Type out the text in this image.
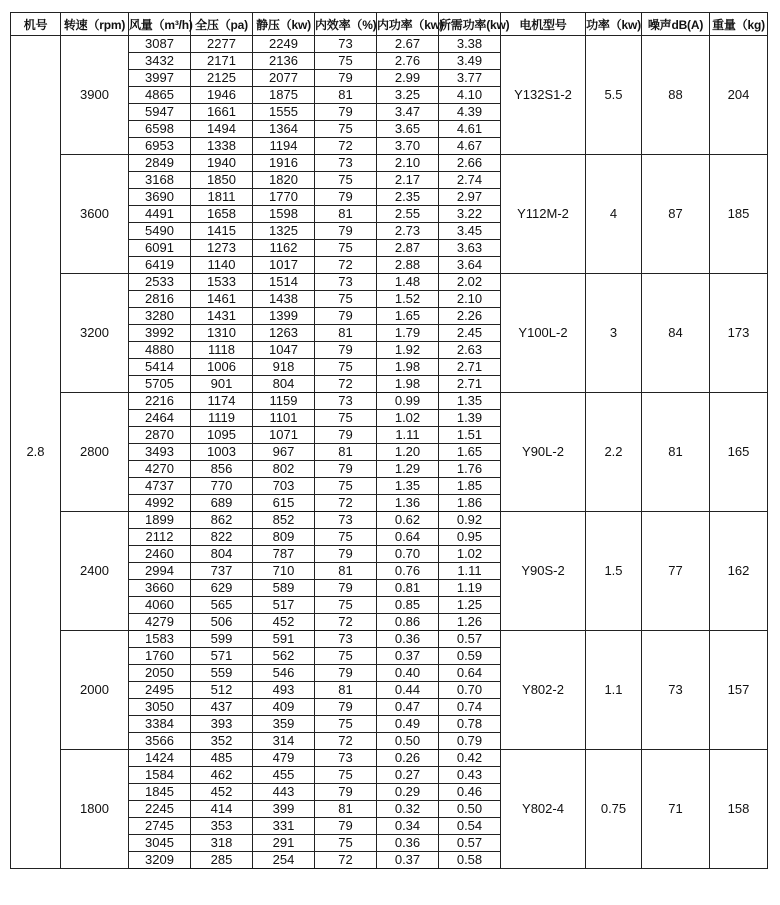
机号	转速（rpm)	风量（m³/h)	全压（pa)	静压（kw)	内效率（%)	内功率（kw)	所需功率(kw)	电机型号	功率（kw)	噪声dB(A)	重量（kg)
2.8	3900	3087	2277	2249	73	2.67	3.38	Y132S1-2	5.5	88	204
		3432	2171	2136	75	2.76	3.49				
		3997	2125	2077	79	2.99	3.77				
		4865	1946	1875	81	3.25	4.10				
		5947	1661	1555	79	3.47	4.39				
		6598	1494	1364	75	3.65	4.61				
		6953	1338	1194	72	3.70	4.67				
	3600	2849	1940	1916	73	2.10	2.66	Y112M-2	4	87	185
		3168	1850	1820	75	2.17	2.74				
		3690	1811	1770	79	2.35	2.97				
		4491	1658	1598	81	2.55	3.22				
		5490	1415	1325	79	2.73	3.45				
		6091	1273	1162	75	2.87	3.63				
		6419	1140	1017	72	2.88	3.64				
	3200	2533	1533	1514	73	1.48	2.02	Y100L-2	3	84	173
		2816	1461	1438	75	1.52	2.10				
		3280	1431	1399	79	1.65	2.26				
		3992	1310	1263	81	1.79	2.45				
		4880	1118	1047	79	1.92	2.63				
		5414	1006	918	75	1.98	2.71				
		5705	901	804	72	1.98	2.71				
	2800	2216	1174	1159	73	0.99	1.35	Y90L-2	2.2	81	165
		2464	1119	1101	75	1.02	1.39				
		2870	1095	1071	79	1.11	1.51				
		3493	1003	967	81	1.20	1.65				
		4270	856	802	79	1.29	1.76				
		4737	770	703	75	1.35	1.85				
		4992	689	615	72	1.36	1.86				
	2400	1899	862	852	73	0.62	0.92	Y90S-2	1.5	77	162
		2112	822	809	75	0.64	0.95				
		2460	804	787	79	0.70	1.02				
		2994	737	710	81	0.76	1.11				
		3660	629	589	79	0.81	1.19				
		4060	565	517	75	0.85	1.25				
		4279	506	452	72	0.86	1.26				
	2000	1583	599	591	73	0.36	0.57	Y802-2	1.1	73	157
		1760	571	562	75	0.37	0.59				
		2050	559	546	79	0.40	0.64				
		2495	512	493	81	0.44	0.70				
		3050	437	409	79	0.47	0.74				
		3384	393	359	75	0.49	0.78				
		3566	352	314	72	0.50	0.79				
	1800	1424	485	479	73	0.26	0.42	Y802-4	0.75	71	158
		1584	462	455	75	0.27	0.43				
		1845	452	443	79	0.29	0.46				
		2245	414	399	81	0.32	0.50				
		2745	353	331	79	0.34	0.54				
		3045	318	291	75	0.36	0.57				
		3209	285	254	72	0.37	0.58				
